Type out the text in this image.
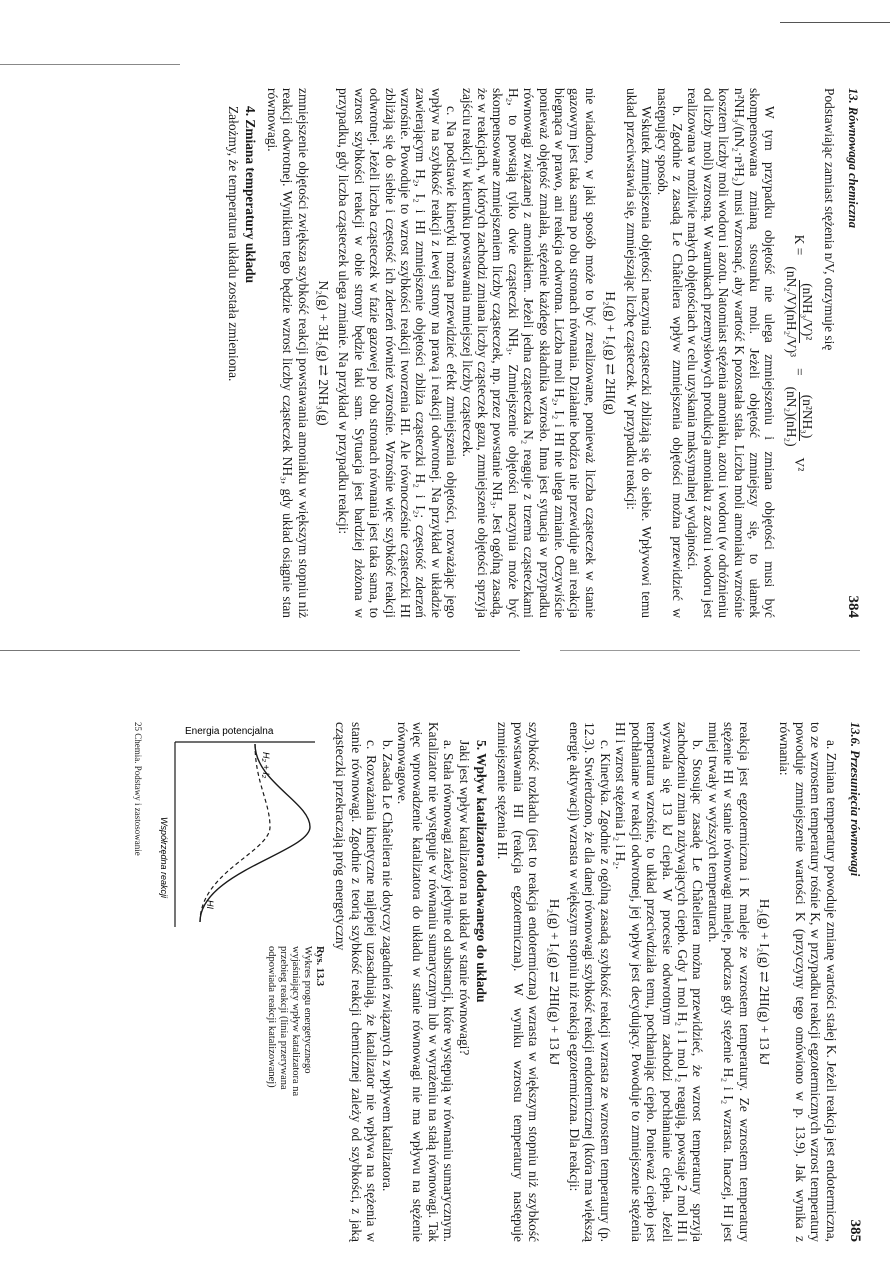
13. Równowaga chemiczna
384

Podstawiając zamiast stężenia n/V, otrzymuje się

K =
(nNH₃/V)²
(nN₂/V)(nH₂/V)³
=
(n²NH₃)
(nN₂)(nH₂)
V²

W tym przypadku objętość nie ulega zmniejszeniu i zmiana objętości musi być skompensowana zmianą stosunku moli. Jeżeli objętość zmniejszy się, to ułamek n²NH₃/(nN₂·n³H₂) musi wzrosnąć, aby wartość K pozostała stała. Liczba moli amoniaku wzrośnie kosztem liczby moli wodoru i azotu. Natomiast stężenia amoniaku, azotu i wodoru (w odróżnieniu od liczby moli) wzrosną. W warunkach przemysłowych produkcja amoniaku z azotu i wodoru jest realizowana w możliwie małych objętościach w celu uzyskania maksymalnej wydajności.

b. Zgodnie z zasadą Le Châteliera wpływ zmniejszenia objętości można przewidzieć w następujący sposób.

Wskutek zmniejszenia objętości naczynia cząsteczki zbliżają się do siebie. Wpływowi temu układ przeciwstawia się, zmniejszając liczbę cząsteczek. W przypadku reakcji:

H₂(g) + I₂(g) ⇄ 2HI(g)

nie wiadomo, w jaki sposób może to być zrealizowane, ponieważ liczba cząsteczek w stanie gazowym jest taka sama po obu stronach równania. Działanie bodźca nie przewiduje ani reakcja biegnąca w prawo, ani reakcja odwrotna. Liczba moli H₂, I₂ i HI nie ulega zmianie. Oczywiście ponieważ objętość zmalała, stężenie każdego składnika wzrosło. Inna jest sytuacja w przypadku równowagi związanej z amoniakiem. Jeżeli jedna cząsteczka N₂ reaguje z trzema cząsteczkami H₂, to powstają tylko dwie cząsteczki NH₃. Zmniejszenie objętości naczynia może być skompensowane zmniejszeniem liczby cząsteczek, np. przez powstanie NH₃. Jest ogólną zasadą, że w reakcjach, w których zachodzi zmiana liczby cząsteczek gazu, zmniejszenie objętości sprzyja zajściu reakcji w kierunku powstawania mniejszej liczby cząsteczek.

c. Na podstawie kinetyki można przewidzieć efekt zmniejszenia objętości, rozważając jego wpływ na szybkość reakcji z lewej strony na prawą i reakcji odwrotnej. Na przykład w układzie zawierającym H₂, I₂ i HI zmniejszenie objętości zbliża cząsteczki H₂ i I₂; częstość zderzeń wzrośnie. Powoduje to wzrost szybkości reakcji tworzenia HI. Ale równocześnie cząsteczki HI zbliżają się do siebie i częstość ich zderzeń również wzrośnie. Wzrośnie więc szybkość reakcji odwrotnej. Jeżeli liczba cząsteczek w fazie gazowej po obu stronach równania jest taka sama, to wzrost szybkości reakcji w obie strony będzie taki sam. Sytuacja jest bardziej złożona w przypadku, gdy liczba cząsteczek ulega zmianie. Na przykład w przypadku reakcji:

N₂(g) + 3H₂(g) ⇄ 2NH₃(g)

zmniejszenie objętości zwiększa szybkość reakcji powstawania amoniaku w większym stopniu niż reakcji odwrotnej. Wynikiem tego będzie wzrost liczby cząsteczek NH₃, gdy układ osiągnie stan równowagi.

4. Zmiana temperatury układu

Założmy, że temperatura układu została zmieniona.

13.6. Przesunięcia równowagi
385

a. Zmiana temperatury powoduje zmianę wartości stałej K. Jeżeli reakcja jest endotermiczna, to ze wzrostem temperatury rośnie K, w przypadku reakcji egzotermicznych wzrost temperatury powoduje zmniejszenie wartości K (przyczyny tego omówiono w p. 13.9). Jak wynika z równania:

H₂(g) + I₂(g) ⇄ 2HI(g) + 13 kJ

reakcja jest egzotermiczna i K maleje ze wzrostem temperatury. Ze wzrostem temperatury stężenie HI w stanie równowagi maleje, podczas gdy stężenie H₂ i I₂ wzrasta. Inaczej, HI jest mniej trwały w wyższych temperaturach.

b. Stosując zasadę Le Châteliera można przewidzieć, że wzrost temperatury sprzyja zachodzeniu zmian zużywających ciepło. Gdy 1 mol H₂ i 1 mol I₂ reagują, powstaje 2 mol HI i wyzwala się 13 kJ ciepła. W procesie odwrotnym zachodzi pochłanianie ciepła. Jeżeli temperatura wzrośnie, to układ przeciwdziała temu, pochłaniając ciepło. Ponieważ ciepło jest pochłaniane w reakcji odwrotnej, jej wpływ jest decydujący. Powoduje to zmniejszenie stężenia HI i wzrost stężenia I₂ i H₂.

c. Kinetyka. Zgodnie z ogólną zasadą szybkość reakcji wzrasta ze wzrostem temperatury (p. 12.3). Stwierdzono, że dla danej równowagi szybkość reakcji endotermicznej (która ma większą energię aktywacji) wzrasta w większym stopniu niż reakcja egzotermiczna. Dla reakcji:

H₂(g) + I₂(g) ⇄ 2HI(g) + 13 kJ

szybkość rozkładu (jest to reakcja endotermiczna) wzrasta w większym stopniu niż szybkość powstawania HI (reakcja egzotermiczna). W wyniku wzrostu temperatury następuje zmniejszenie stężenia HI.

5. Wpływ katalizatora dodawanego do układu

Jaki jest wpływ katalizatora na układ w stanie równowagi?

a. Stała równowagi zależy jedynie od substancji, które występują w równaniu sumarycznym. Katalizator nie występuje w równaniu sumarycznym lub w wyrażeniu na stałą równowagi. Tak więc wprowadzenie katalizatora do układu w stanie równowagi nie ma wpływu na stężenie równowagowe.

b. Zasada Le Châteliera nie dotyczy zagadnień związanych z wpływem katalizatora.

c. Rozważania kinetyczne najlepiej uzasadniają, że katalizator nie wpływa na stężenia w stanie równowagi. Zgodnie z teorią szybkość reakcji chemicznej zależy od szybkości, z jaką cząsteczki przekraczają próg energetyczny

Energia potencjalna
Współrzędna reakcji
H₂ + I₂
HI
Rys. 13.3
Wykres progu energetycznego wyjaśniający wpływ katalizatora na przebieg reakcji (linia przerywana odpowiada reakcji katalizowanej)
25 Chemia. Podstawy i zastosowanie
